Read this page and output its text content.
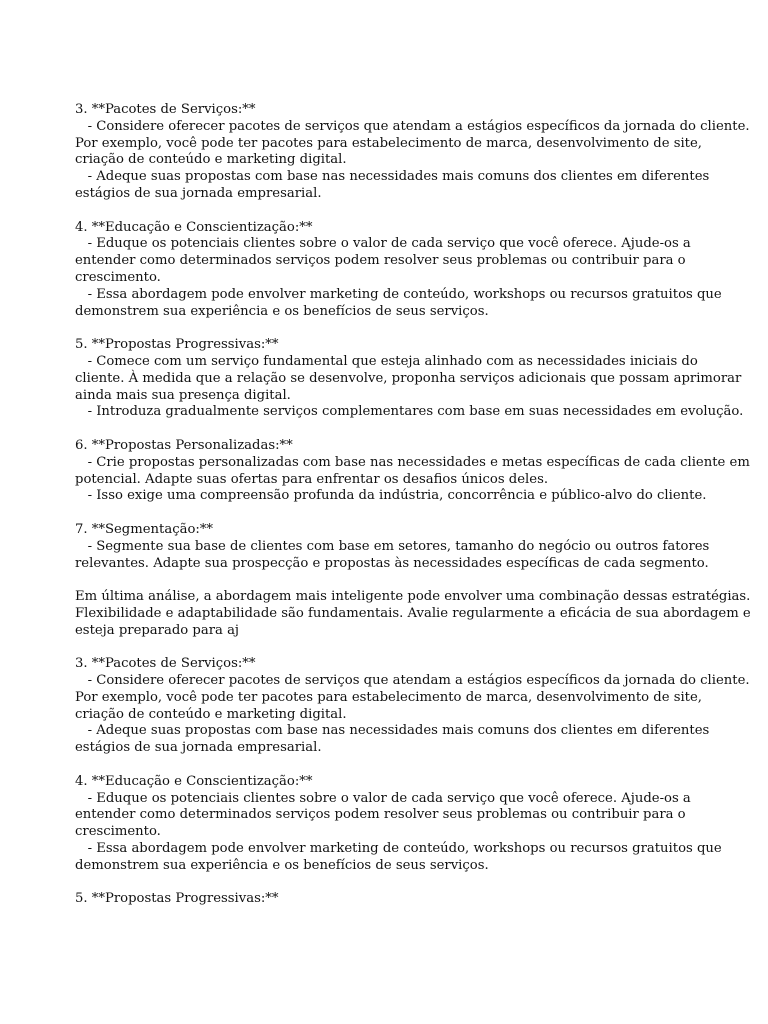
3. **Pacotes de Serviços:**
- Considere oferecer pacotes de serviços que atendam a estágios específicos da jornada do cliente.
Por exemplo, você pode ter pacotes para estabelecimento de marca, desenvolvimento de site,
criação de conteúdo e marketing digital.
- Adeque suas propostas com base nas necessidades mais comuns dos clientes em diferentes
estágios de sua jornada empresarial.
4. **Educação e Conscientização:**
- Eduque os potenciais clientes sobre o valor de cada serviço que você oferece. Ajude-os a
entender como determinados serviços podem resolver seus problemas ou contribuir para o
crescimento.
- Essa abordagem pode envolver marketing de conteúdo, workshops ou recursos gratuitos que
demonstrem sua experiência e os benefícios de seus serviços.
5. **Propostas Progressivas:**
- Comece com um serviço fundamental que esteja alinhado com as necessidades iniciais do
cliente. À medida que a relação se desenvolve, proponha serviços adicionais que possam aprimorar
ainda mais sua presença digital.
- Introduza gradualmente serviços complementares com base em suas necessidades em evolução.
6. **Propostas Personalizadas:**
- Crie propostas personalizadas com base nas necessidades e metas específicas de cada cliente em
potencial. Adapte suas ofertas para enfrentar os desafios únicos deles.
- Isso exige uma compreensão profunda da indústria, concorrência e público-alvo do cliente.
7. **Segmentação:**
- Segmente sua base de clientes com base em setores, tamanho do negócio ou outros fatores
relevantes. Adapte sua prospecção e propostas às necessidades específicas de cada segmento.
Em última análise, a abordagem mais inteligente pode envolver uma combinação dessas estratégias.
Flexibilidade e adaptabilidade são fundamentais. Avalie regularmente a eficácia de sua abordagem e
esteja preparado para aj
3. **Pacotes de Serviços:**
- Considere oferecer pacotes de serviços que atendam a estágios específicos da jornada do cliente.
Por exemplo, você pode ter pacotes para estabelecimento de marca, desenvolvimento de site,
criação de conteúdo e marketing digital.
- Adeque suas propostas com base nas necessidades mais comuns dos clientes em diferentes
estágios de sua jornada empresarial.
4. **Educação e Conscientização:**
- Eduque os potenciais clientes sobre o valor de cada serviço que você oferece. Ajude-os a
entender como determinados serviços podem resolver seus problemas ou contribuir para o
crescimento.
- Essa abordagem pode envolver marketing de conteúdo, workshops ou recursos gratuitos que
demonstrem sua experiência e os benefícios de seus serviços.
5. **Propostas Progressivas:**
